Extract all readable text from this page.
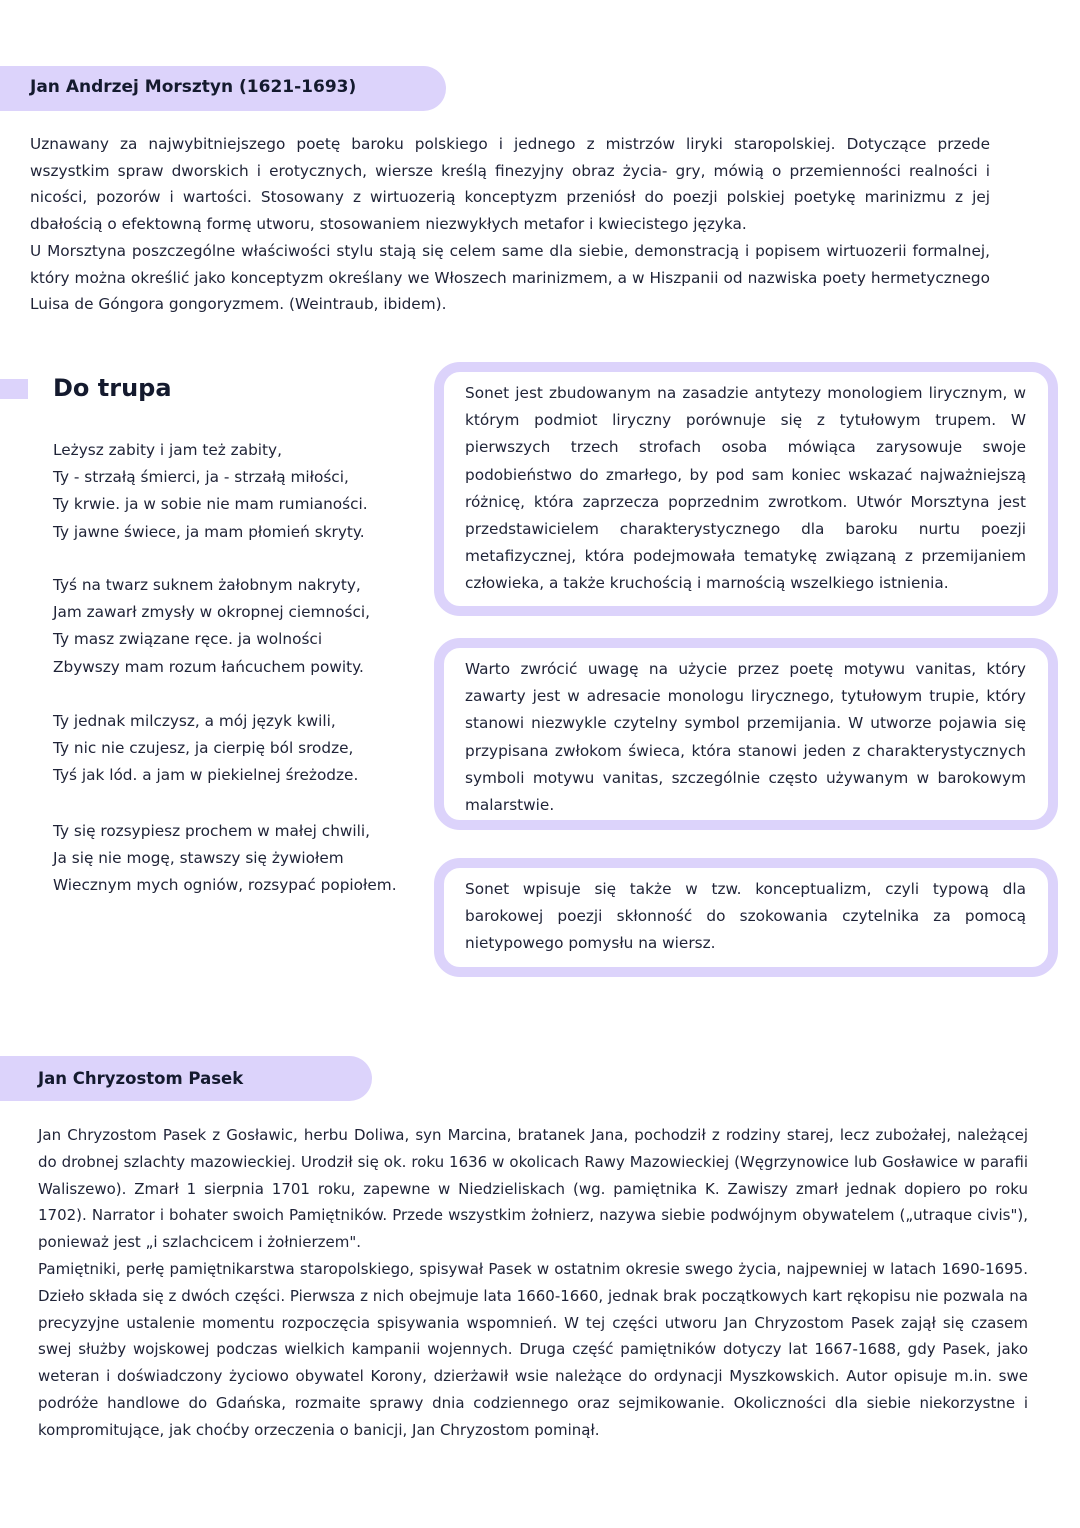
Jan Andrzej Morsztyn (1621-1693)

Uznawany za najwybitniejszego poetę baroku polskiego i jednego z mistrzów liryki staropolskiej. Dotyczące przede wszystkim spraw dworskich i erotycznych, wiersze kreślą finezyjny obraz życia- gry, mówią o przemienności realności i nicości, pozorów i wartości. Stosowany z wirtuozerią konceptyzm przeniósł do poezji polskiej poetykę marinizmu z jej dbałością o efektowną formę utworu, stosowaniem niezwykłych metafor i kwiecistego języka.

U Morsztyna poszczególne właściwości stylu stają się celem same dla siebie, demonstracją i popisem wirtuozerii formalnej, który można określić jako konceptyzm określany we Włoszech marinizmem, a w Hiszpanii od nazwiska poety hermetycznego Luisa de Góngora gongoryzmem. (Weintraub, ibidem).

Do trupa
Leżysz zabity i jam też zabity,
Ty - strzałą śmierci, ja - strzałą miłości,
Ty krwie. ja w sobie nie mam rumianości.
Ty jawne świece, ja mam płomień skryty.
Tyś na twarz suknem żałobnym nakryty,
Jam zawarł zmysły w okropnej ciemności,
Ty masz związane ręce. ja wolności
Zbywszy mam rozum łańcuchem powity.
Ty jednak milczysz, a mój język kwili,
Ty nic nie czujesz, ja cierpię ból srodze,
Tyś jak lód. a jam w piekielnej śreżodze.
Ty się rozsypiesz prochem w małej chwili,
Ja się nie mogę, stawszy się żywiołem
Wiecznym mych ogniów, rozsypać popiołem.

Sonet jest zbudowanym na zasadzie antytezy monologiem lirycznym, w którym podmiot liryczny porównuje się z tytułowym trupem. W pierwszych trzech strofach osoba mówiąca zarysowuje swoje podobieństwo do zmarłego, by pod sam koniec wskazać najważniejszą różnicę, która zaprzecza poprzednim zwrotkom. Utwór Morsztyna jest przedstawicielem charakterystycznego dla baroku nurtu poezji metafizycznej, która podejmowała tematykę związaną z przemijaniem człowieka, a także kruchością i marnością wszelkiego istnienia.

Warto zwrócić uwagę na użycie przez poetę motywu vanitas, który zawarty jest w adresacie monologu lirycznego, tytułowym trupie, który stanowi niezwykle czytelny symbol przemijania. W utworze pojawia się przypisana zwłokom świeca, która stanowi jeden z charakterystycznych symboli motywu vanitas, szczególnie często używanym w barokowym malarstwie.

Sonet wpisuje się także w tzw. konceptualizm, czyli typową dla barokowej poezji skłonność do szokowania czytelnika za pomocą nietypowego pomysłu na wiersz.

Jan Chryzostom Pasek

Jan Chryzostom Pasek z Gosławic, herbu Doliwa, syn Marcina, bratanek Jana, pochodził z rodziny starej, lecz zubożałej, należącej do drobnej szlachty mazowieckiej. Urodził się ok. roku 1636 w okolicach Rawy Mazowieckiej (Węgrzynowice lub Gosławice w parafii Waliszewo). Zmarł 1 sierpnia 1701 roku, zapewne w Niedzieliskach (wg. pamiętnika K. Zawiszy zmarł jednak dopiero po roku 1702). Narrator i bohater swoich Pamiętników. Przede wszystkim żołnierz, nazywa siebie podwójnym obywatelem („utraque civis"), ponieważ jest „i szlachcicem i żołnierzem".

Pamiętniki, perłę pamiętnikarstwa staropolskiego, spisywał Pasek w ostatnim okresie swego życia, najpewniej w latach 1690-1695. Dzieło składa się z dwóch części. Pierwsza z nich obejmuje lata 1660-1660, jednak brak początkowych kart rękopisu nie pozwala na precyzyjne ustalenie momentu rozpoczęcia spisywania wspomnień. W tej części utworu Jan Chryzostom Pasek zajął się czasem swej służby wojskowej podczas wielkich kampanii wojennych. Druga część pamiętników dotyczy lat 1667-1688, gdy Pasek, jako weteran i doświadczony życiowo obywatel Korony, dzierżawił wsie należące do ordynacji Myszkowskich. Autor opisuje m.in. swe podróże handlowe do Gdańska, rozmaite sprawy dnia codziennego oraz sejmikowanie. Okoliczności dla siebie niekorzystne i kompromitujące, jak choćby orzeczenia o banicji, Jan Chryzostom pominął.
